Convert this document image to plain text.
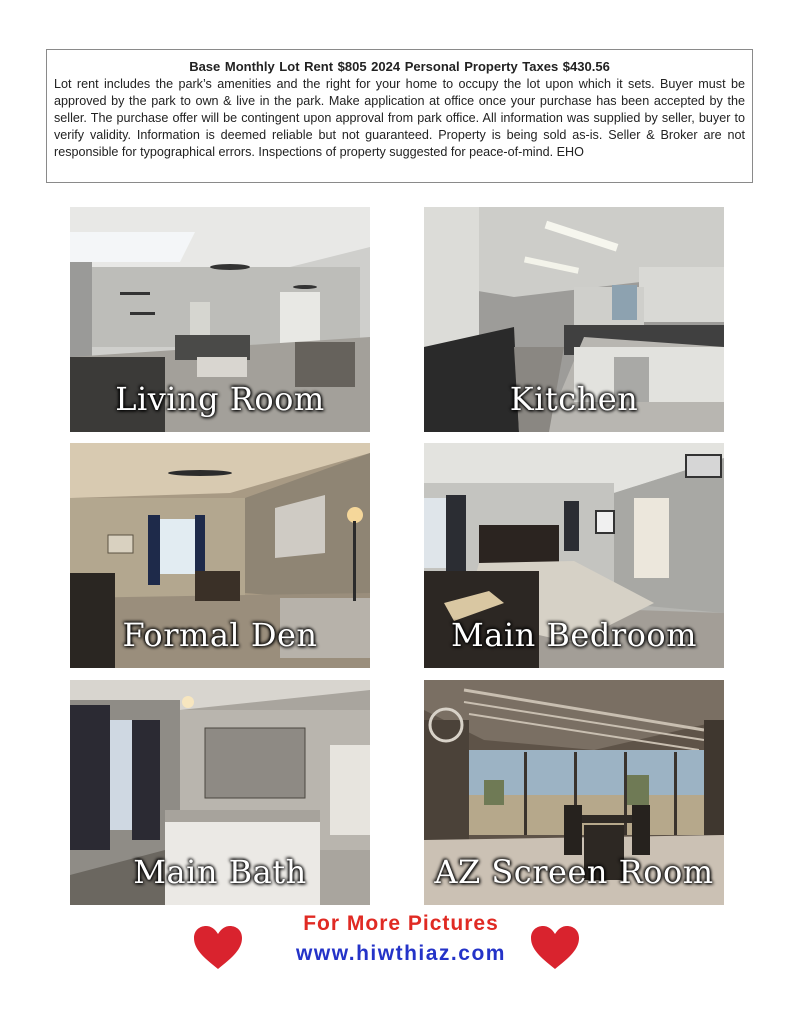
Base Monthly Lot Rent $805 2024 Personal Property Taxes $430.56
Lot rent includes the park’s amenities and the right for your home to occupy the lot upon which it sets. Buyer must be approved by the park to own & live in the park. Make application at office once your purchase has been accepted by the seller. The purchase offer will be contingent upon approval from park office. All information was supplied by seller, buyer to verify validity. Information is deemed reliable but not guaranteed. Property is being sold as-is. Seller & Broker are not responsible for typographical errors. Inspections of property suggested for peace-of-mind. EHO
Living Room	Kitchen
Formal Den	Main Bedroom
Main Bath	AZ Screen Room
For More Pictures
www.hiwthiaz.com
